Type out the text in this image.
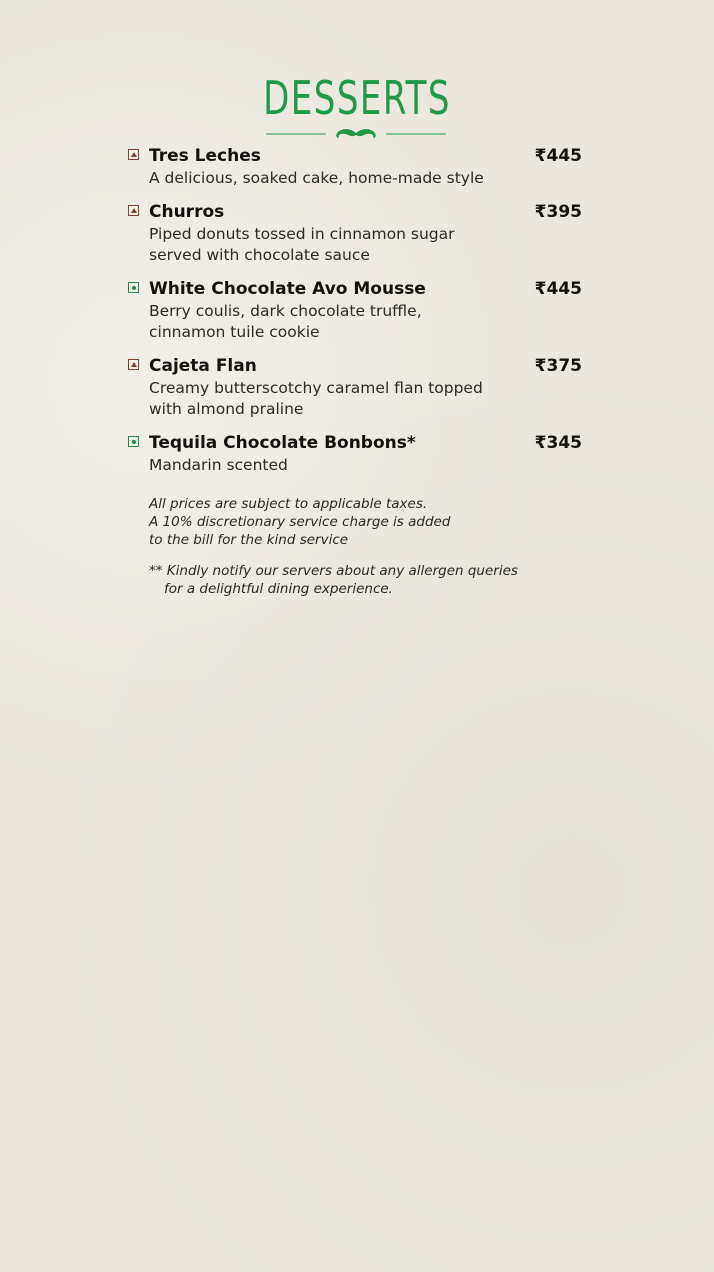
DESSERTS
Tres Leches	₹445
A delicious, soaked cake, home-made style
Churros	₹395
Piped donuts tossed in cinnamon sugar
served with chocolate sauce
White Chocolate Avo Mousse	₹445
Berry coulis, dark chocolate truffle,
cinnamon tuile cookie
Cajeta Flan	₹375
Creamy butterscotchy caramel flan topped
with almond praline
Tequila Chocolate Bonbons*	₹345
Mandarin scented
All prices are subject to applicable taxes.
A 10% discretionary service charge is added
to the bill for the kind service
** Kindly notify our servers about any allergen queries
for a delightful dining experience.
